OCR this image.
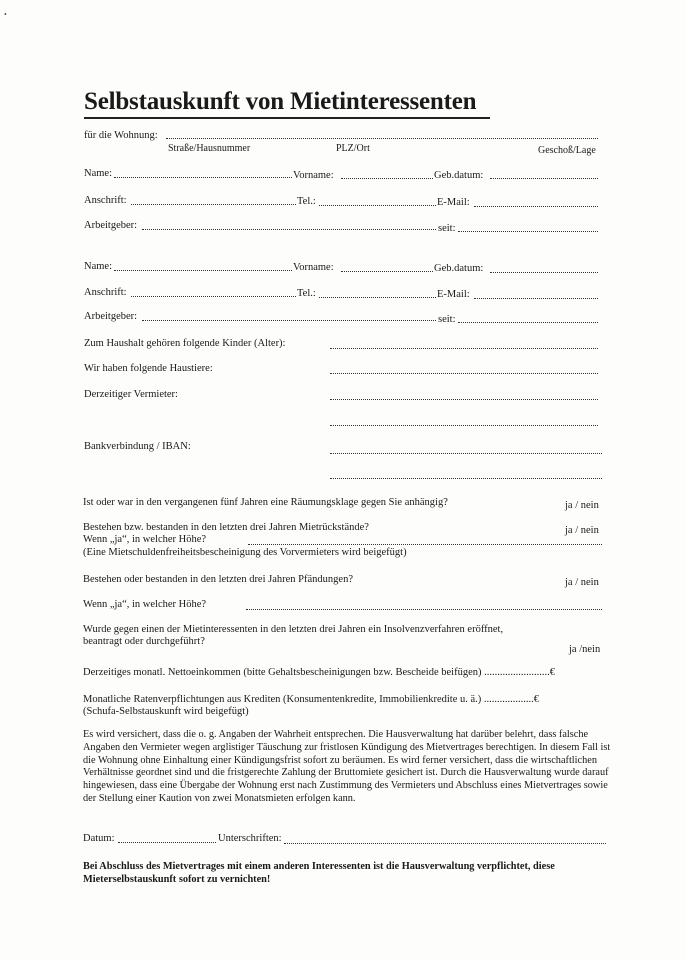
•
Selbstauskunft von Mietinteressenten
für die Wohnung:
Straße/Hausnummer	PLZ/Ort	Geschoß/Lage
Name:	Vorname:	Geb.datum:
Anschrift:	Tel.:	E-Mail:
Arbeitgeber:	seit:
Name:	Vorname:	Geb.datum:
Anschrift:	Tel.:	E-Mail:
Arbeitgeber:	seit:
Zum Haushalt gehören folgende Kinder (Alter):
Wir haben folgende Haustiere:
Derzeitiger Vermieter:
Bankverbindung / IBAN:
Ist oder war in den vergangenen fünf Jahren eine Räumungsklage gegen Sie anhängig?	ja / nein
Bestehen bzw. bestanden in den letzten drei Jahren Mietrückstände?	ja / nein
Wenn „ja“, in welcher Höhe?
(Eine Mietschuldenfreiheitsbescheinigung des Vorvermieters wird beigefügt)
Bestehen oder bestanden in den letzten drei Jahren Pfändungen?	ja / nein
Wenn „ja“, in welcher Höhe?
Wurde gegen einen der Mietinteressenten in den letzten drei Jahren ein Insolvenzverfahren eröffnet,
beantragt oder durchgeführt?
ja /nein
Derzeitiges monatl. Nettoeinkommen (bitte Gehaltsbescheinigungen bzw. Bescheide beifügen) .........................€
Monatliche Ratenverpflichtungen aus Krediten (Konsumentenkredite, Immobilienkredite u. ä.) ...................€
(Schufa-Selbstauskunft wird beigefügt)
Es wird versichert, dass die o. g. Angaben der Wahrheit entsprechen. Die Hausverwaltung hat darüber belehrt, dass falsche Angaben den Vermieter wegen arglistiger Täuschung zur fristlosen Kündigung des Mietvertrages berechtigen. In diesem Fall ist die Wohnung ohne Einhaltung einer Kündigungsfrist sofort zu beräumen. Es wird ferner versichert, dass die wirtschaftlichen Verhältnisse geordnet sind und die fristgerechte Zahlung der Bruttomiete gesichert ist. Durch die Hausverwaltung wurde darauf hingewiesen, dass eine Übergabe der Wohnung erst nach Zustimmung des Vermieters und Abschluss eines Mietvertrages sowie der Stellung einer Kaution von zwei Monatsmieten erfolgen kann.
Datum:	Unterschriften:
Bei Abschluss des Mietvertrages mit einem anderen Interessenten ist die Hausverwaltung verpflichtet, diese Mieterselbstauskunft sofort zu vernichten!
